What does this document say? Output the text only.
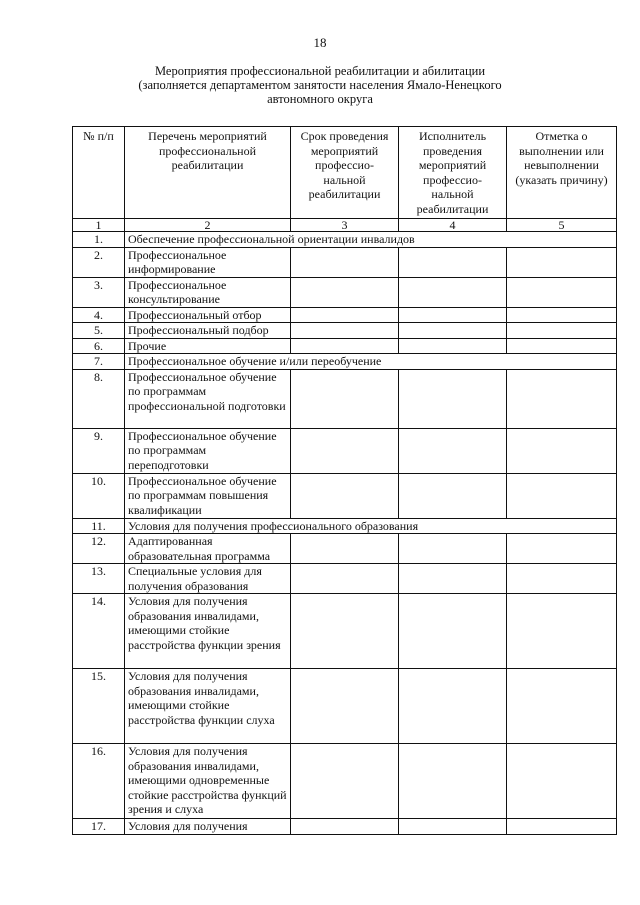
18
Мероприятия профессиональной реабилитации и абилитации
(заполняется департаментом занятости населения Ямало-Ненецкого
автономного округа
№ п/п	Перечень мероприятий профессиональной реабилитации	Срок проведения мероприятий профессио-нальной реабилитации	Исполнитель проведения мероприятий профессио-нальной реабилитации	Отметка о выполнении или невыполнении (указать причину)
1	2	3	4	5
1.	Обеспечение профессиональной ориентации инвалидов			
2.	Профессиональное информирование			
3.	Профессиональное консультирование			
4.	Профессиональный отбор			
5.	Профессиональный подбор			
6.	Прочие			
7.	Профессиональное обучение и/или переобучение			
8.	Профессиональное обучение по программам профессиональной подготовки			
9.	Профессиональное обучение по программам переподготовки			
10.	Профессиональное обучение по программам повышения квалификации			
11.	Условия для получения профессионального образования			
12.	Адаптированная образовательная программа			
13.	Специальные условия для получения образования			
14.	Условия для получения образования инвалидами, имеющими стойкие расстройства функции зрения			
15.	Условия для получения образования инвалидами, имеющими стойкие расстройства функции слуха			
16.	Условия для получения образования инвалидами, имеющими одновременные стойкие расстройства функций зрения и слуха			
17.	Условия для получения			
